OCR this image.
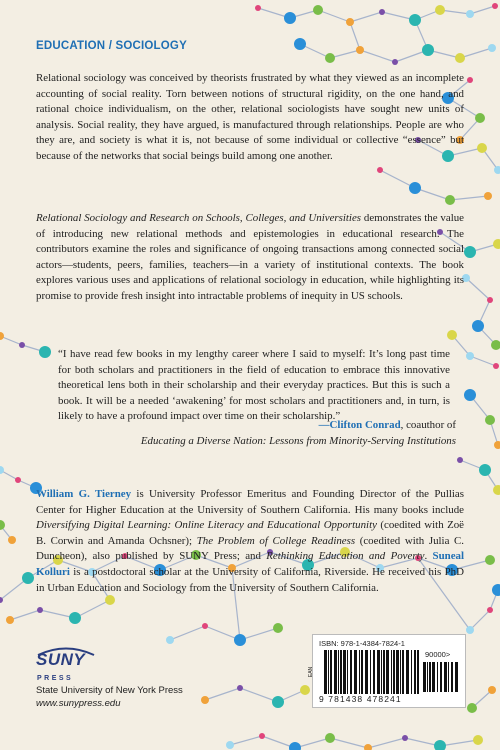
EDUCATION / SOCIOLOGY

Relational sociology was conceived by theorists frustrated by what they viewed as an incomplete accounting of social reality. Torn between notions of structural rigidity, on the one hand, and rational choice individualism, on the other, relational sociologists have sought new units of analysis. Social reality, they have argued, is manufactured through relationships. People are who they are, and society is what it is, not because of some individual or collective “essence” but because of the networks that social beings build among one another.

Relational Sociology and Research on Schools, Colleges, and Universities demonstrates the value of introducing new relational methods and epistemologies in educational research. The contributors examine the roles and significance of ongoing transactions among connected social actors—students, peers, families, teachers—in a variety of institutional contexts. The book explores various uses and applications of relational sociology in education, while highlighting its promise to provide fresh insight into intractable problems of inequity in US schools.

“I have read few books in my lengthy career where I said to myself: It’s long past time for both scholars and practitioners in the field of education to embrace this innovative theoretical lens both in their scholarship and their everyday practices. But this is such a book. It will be a needed ‘awakening’ for most scholars and practitioners and, in turn, is likely to have a profound impact over time on their scholarship.”

—Clifton Conrad, coauthor of
Educating a Diverse Nation: Lessons from Minority-Serving Institutions

William G. Tierney is University Professor Emeritus and Founding Director of the Pullias Center for Higher Education at the University of Southern California. His many books include Diversifying Digital Learning: Online Literacy and Educational Opportunity (coedited with Zoë B. Corwin and Amanda Ochsner); The Problem of College Readiness (coedited with Julia C. Duncheon), also published by SUNY Press; and Rethinking Education and Poverty. Suneal Kolluri is a postdoctoral scholar at the University of California, Riverside. He received his PhD in Urban Education and Sociology from the University of Southern California.

SUNY
PRESS
State University of New York Press
www.sunypress.edu
ISBN: 978-1-4384-7824-1
EAN
90000>
9 781438 478241
